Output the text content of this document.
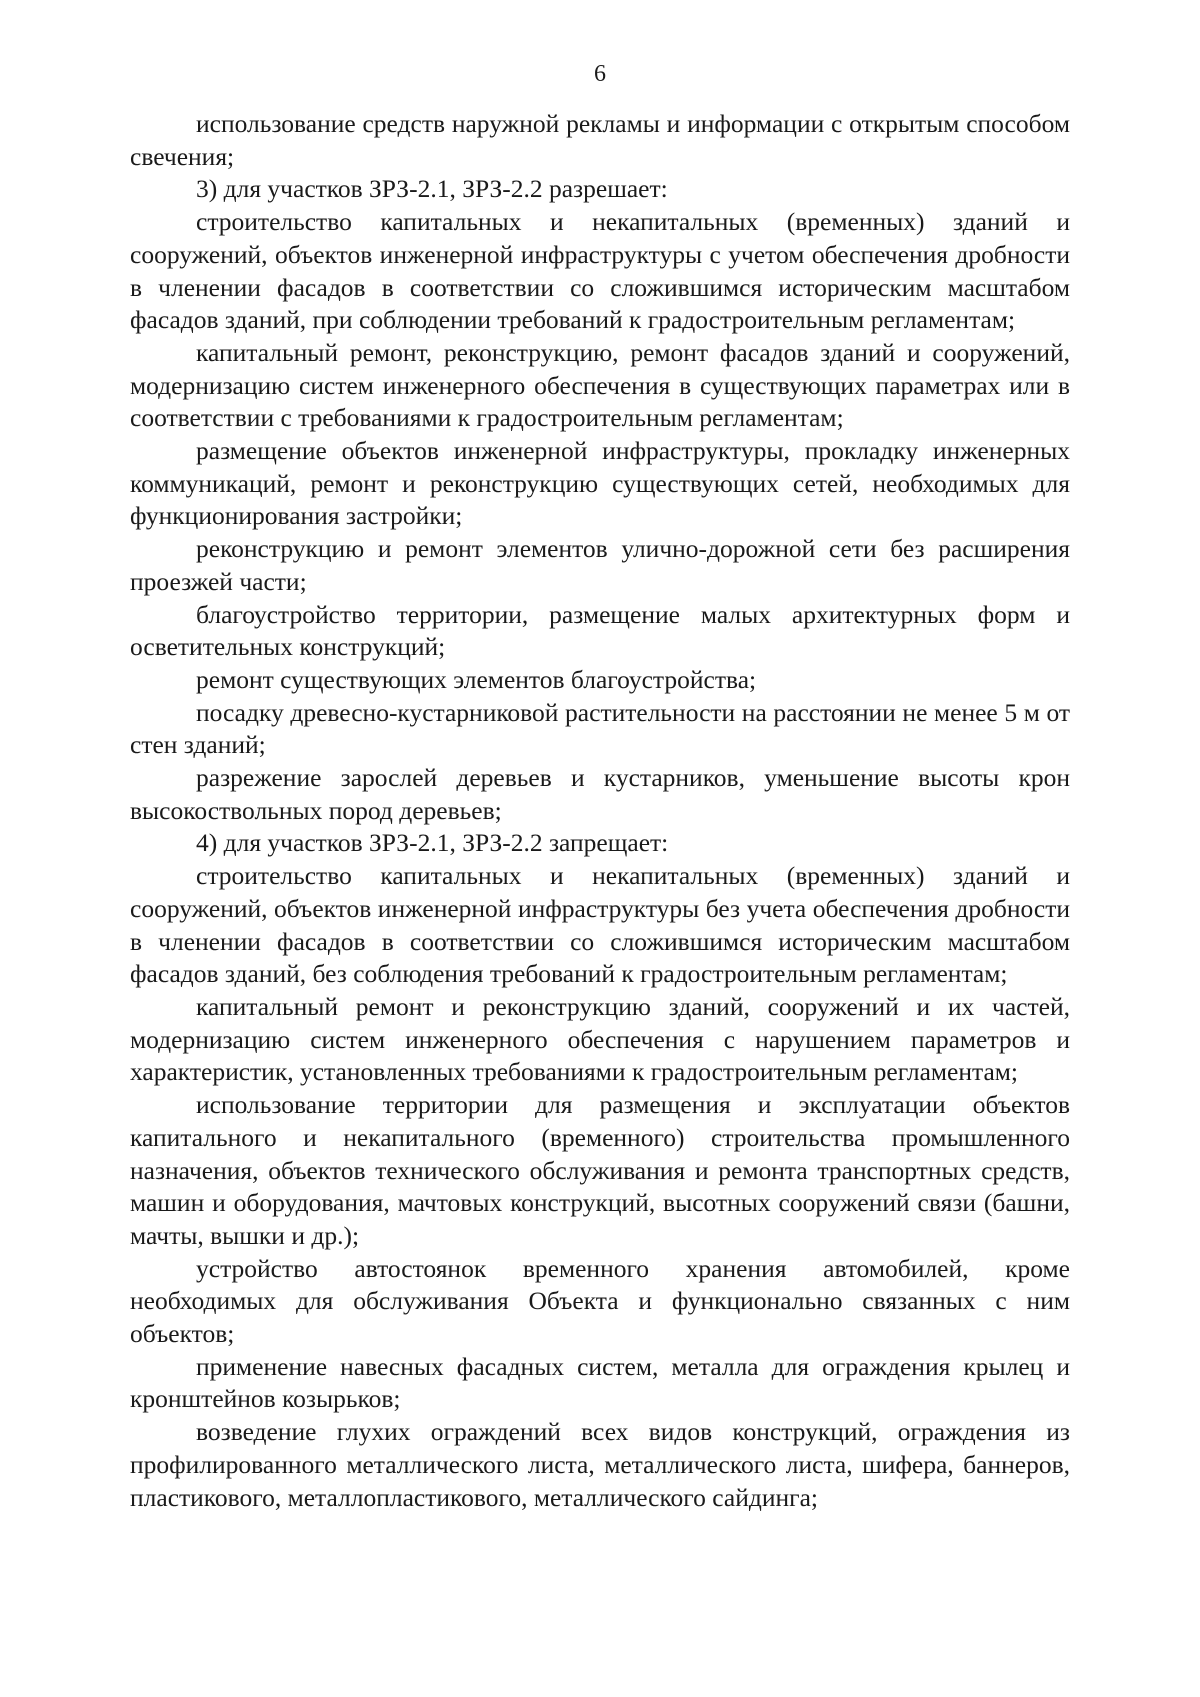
6

использование средств наружной рекламы и информации с открытым способом свечения;

3) для участков ЗРЗ-2.1, ЗРЗ-2.2 разрешает:

строительство капитальных и некапитальных (временных) зданий и сооружений, объектов инженерной инфраструктуры с учетом обеспечения дробности в членении фасадов в соответствии со сложившимся историческим масштабом фасадов зданий, при соблюдении требований к градостроительным регламентам;

капитальный ремонт, реконструкцию, ремонт фасадов зданий и сооружений, модернизацию систем инженерного обеспечения в существующих параметрах или в соответствии с требованиями к градостроительным регламентам;

размещение объектов инженерной инфраструктуры, прокладку инженерных коммуникаций, ремонт и реконструкцию существующих сетей, необходимых для функционирования застройки;

реконструкцию и ремонт элементов улично-дорожной сети без расширения проезжей части;

благоустройство территории, размещение малых архитектурных форм и осветительных конструкций;

ремонт существующих элементов благоустройства;

посадку древесно-кустарниковой растительности на расстоянии не менее 5 м от стен зданий;

разрежение зарослей деревьев и кустарников, уменьшение высоты крон высокоствольных пород деревьев;

4) для участков ЗРЗ-2.1, ЗРЗ-2.2 запрещает:

строительство капитальных и некапитальных (временных) зданий и сооружений, объектов инженерной инфраструктуры без учета обеспечения дробности в членении фасадов в соответствии со сложившимся историческим масштабом фасадов зданий, без соблюдения требований к градостроительным регламентам;

капитальный ремонт и реконструкцию зданий, сооружений и их частей, модернизацию систем инженерного обеспечения с нарушением параметров и характеристик, установленных требованиями к градостроительным регламентам;

использование территории для размещения и эксплуатации объектов капитального и некапитального (временного) строительства промышленного назначения, объектов технического обслуживания и ремонта транспортных средств, машин и оборудования, мачтовых конструкций, высотных сооружений связи (башни, мачты, вышки и др.);

устройство автостоянок временного хранения автомобилей, кроме необходимых для обслуживания Объекта и функционально связанных с ним объектов;

применение навесных фасадных систем, металла для ограждения крылец и кронштейнов козырьков;

возведение глухих ограждений всех видов конструкций, ограждения из профилированного металлического листа, металлического листа, шифера, баннеров, пластикового, металлопластикового, металлического сайдинга;
